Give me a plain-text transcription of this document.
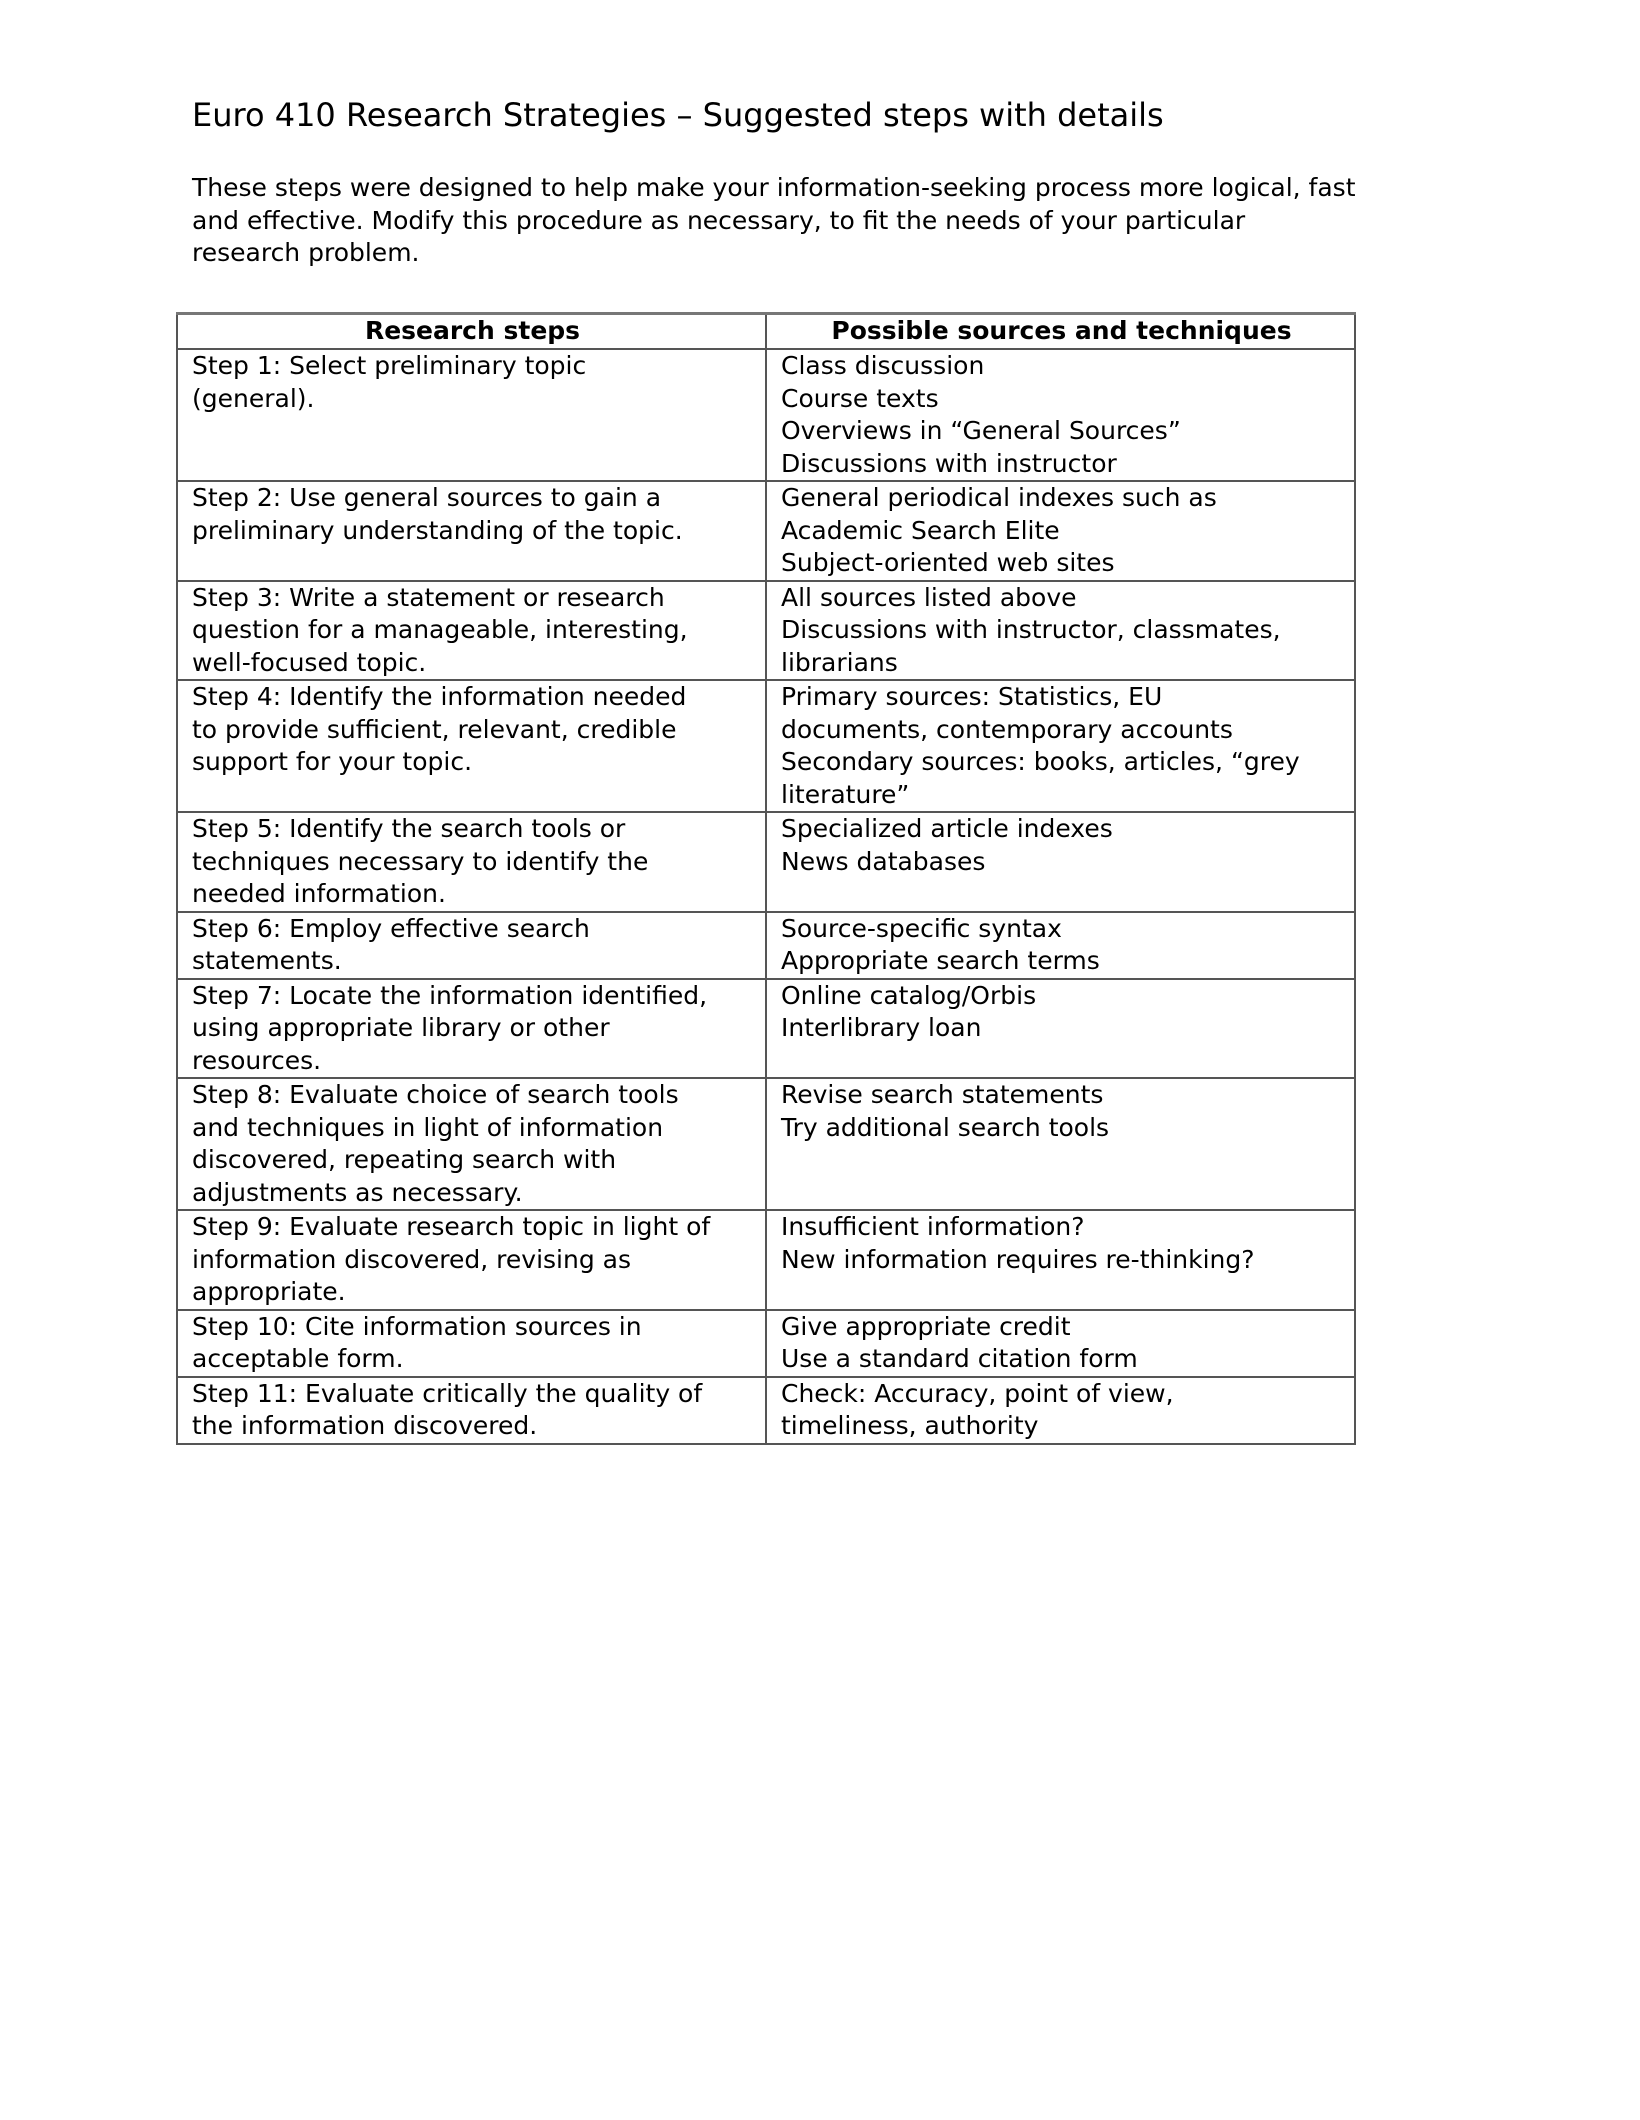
Euro 410 Research Strategies – Suggested steps with details

These steps were designed to help make your information-seeking process more logical, fast
and effective. Modify this procedure as necessary, to fit the needs of your particular
research problem.

Research steps	Possible sources and techniques

Step 1: Select preliminary topic
(general).	Class discussion
Course texts
Overviews in “General Sources”
Discussions with instructor

Step 2: Use general sources to gain a
preliminary understanding of the topic.	General periodical indexes such as
Academic Search Elite
Subject-oriented web sites

Step 3: Write a statement or research
question for a manageable, interesting,
well-focused topic.	All sources listed above
Discussions with instructor, classmates,
librarians

Step 4: Identify the information needed
to provide sufficient, relevant, credible
support for your topic.	Primary sources: Statistics, EU
documents, contemporary accounts
Secondary sources: books, articles, “grey
literature”

Step 5: Identify the search tools or
techniques necessary to identify the
needed information.	Specialized article indexes
News databases

Step 6: Employ effective search
statements.	Source-specific syntax
Appropriate search terms

Step 7: Locate the information identified,
using appropriate library or other
resources.	Online catalog/Orbis
Interlibrary loan

Step 8: Evaluate choice of search tools
and techniques in light of information
discovered, repeating search with
adjustments as necessary.	Revise search statements
Try additional search tools

Step 9: Evaluate research topic in light of
information discovered, revising as
appropriate.	Insufficient information?
New information requires re-thinking?

Step 10: Cite information sources in
acceptable form.	Give appropriate credit
Use a standard citation form

Step 11: Evaluate critically the quality of
the information discovered.	Check: Accuracy, point of view,
timeliness, authority
